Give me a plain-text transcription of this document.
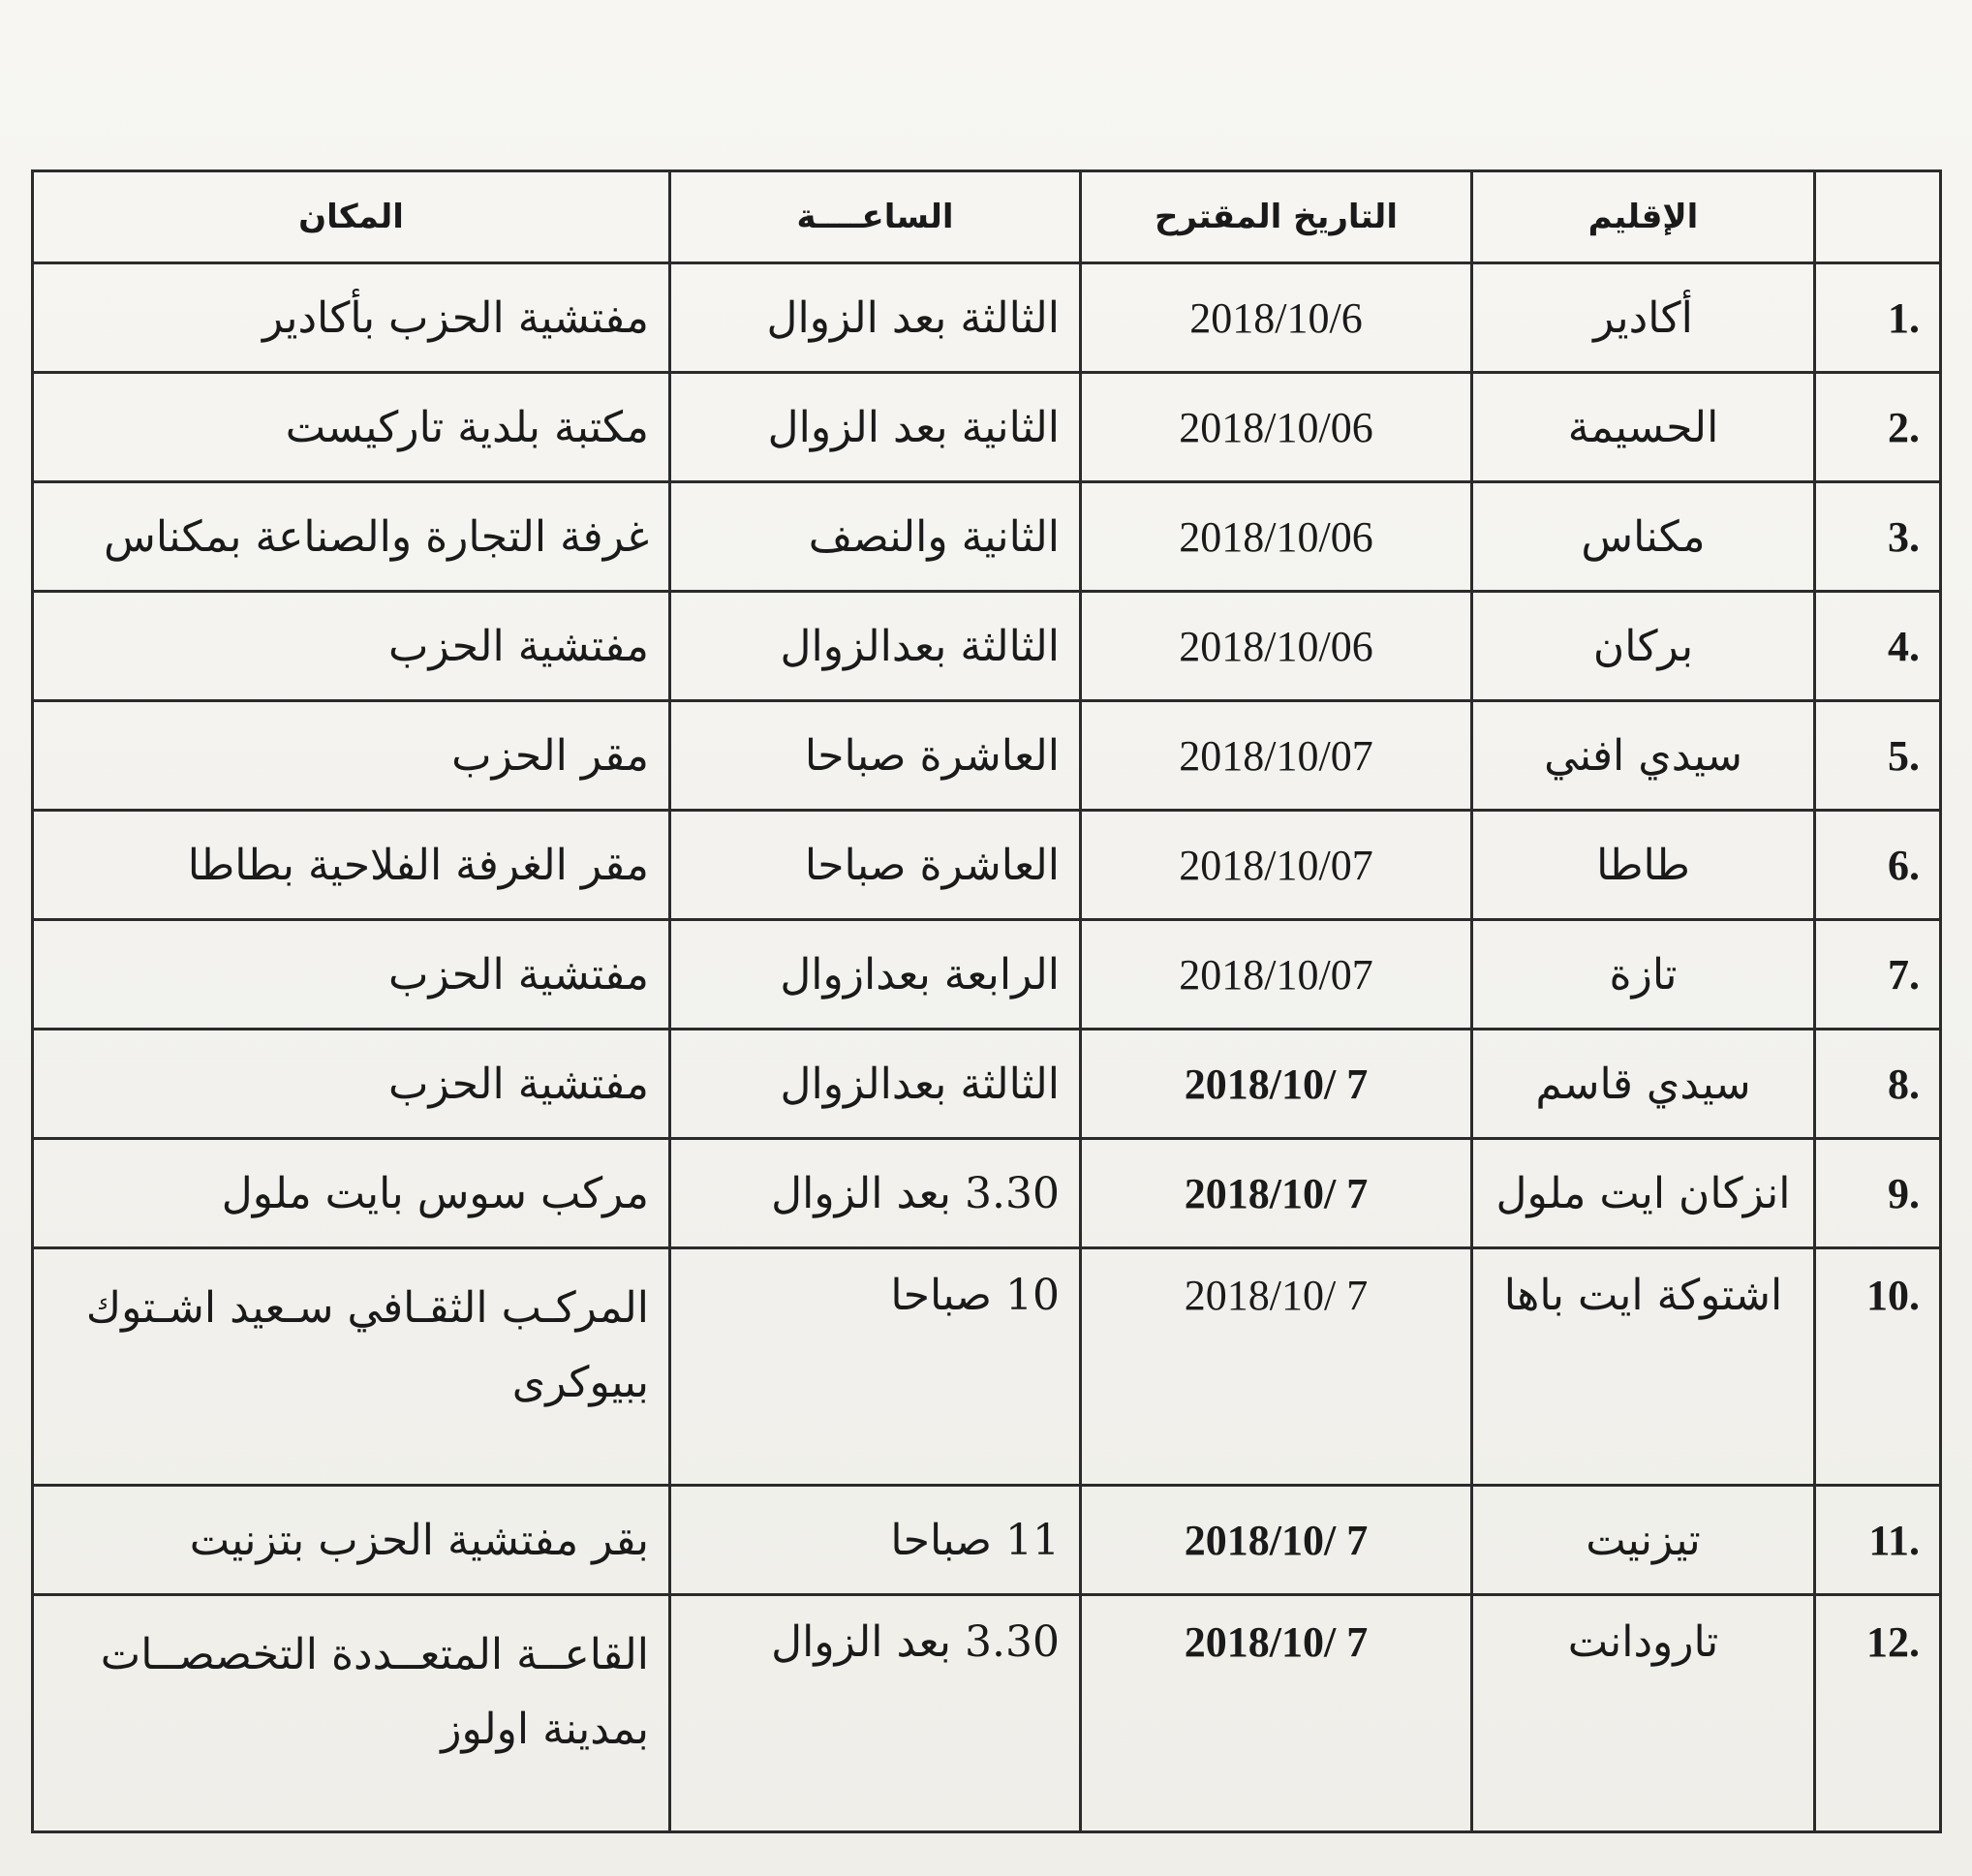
	الإقليم	التاريخ المقترح	الساعــــة	المكان
1.	أكادير	2018/10/6	الثالثة بعد الزوال	مفتشية الحزب بأكادير
2.	الحسيمة	2018/10/06	الثانية بعد الزوال	مكتبة بلدية تاركيست
3.	مكناس	2018/10/06	الثانية والنصف	غرفة التجارة والصناعة بمكناس
4.	بركان	2018/10/06	الثالثة بعدالزوال	مفتشية الحزب
5.	سيدي افني	2018/10/07	العاشرة صباحا	مقر الحزب
6.	طاطا	2018/10/07	العاشرة صباحا	مقر الغرفة الفلاحية بطاطا
7.	تازة	2018/10/07	الرابعة بعدازوال	مفتشية الحزب
8.	سيدي قاسم	2018/10/ 7	الثالثة بعدالزوال	مفتشية الحزب
9.	انزكان ايت ملول	2018/10/ 7	3.30 بعد الزوال	مركب سوس بايت ملول
10.	اشتوكة ايت باها	2018/10/ 7	10 صباحا	المركـب الثقـافي سـعيد اشـتوك ببيوكرى
11.	تيزنيت	2018/10/ 7	11 صباحا	بقر مفتشية الحزب بتزنيت
12.	تارودانت	2018/10/ 7	3.30 بعد الزوال	القاعــة المتعــددة التخصصــات بمدينة اولوز
